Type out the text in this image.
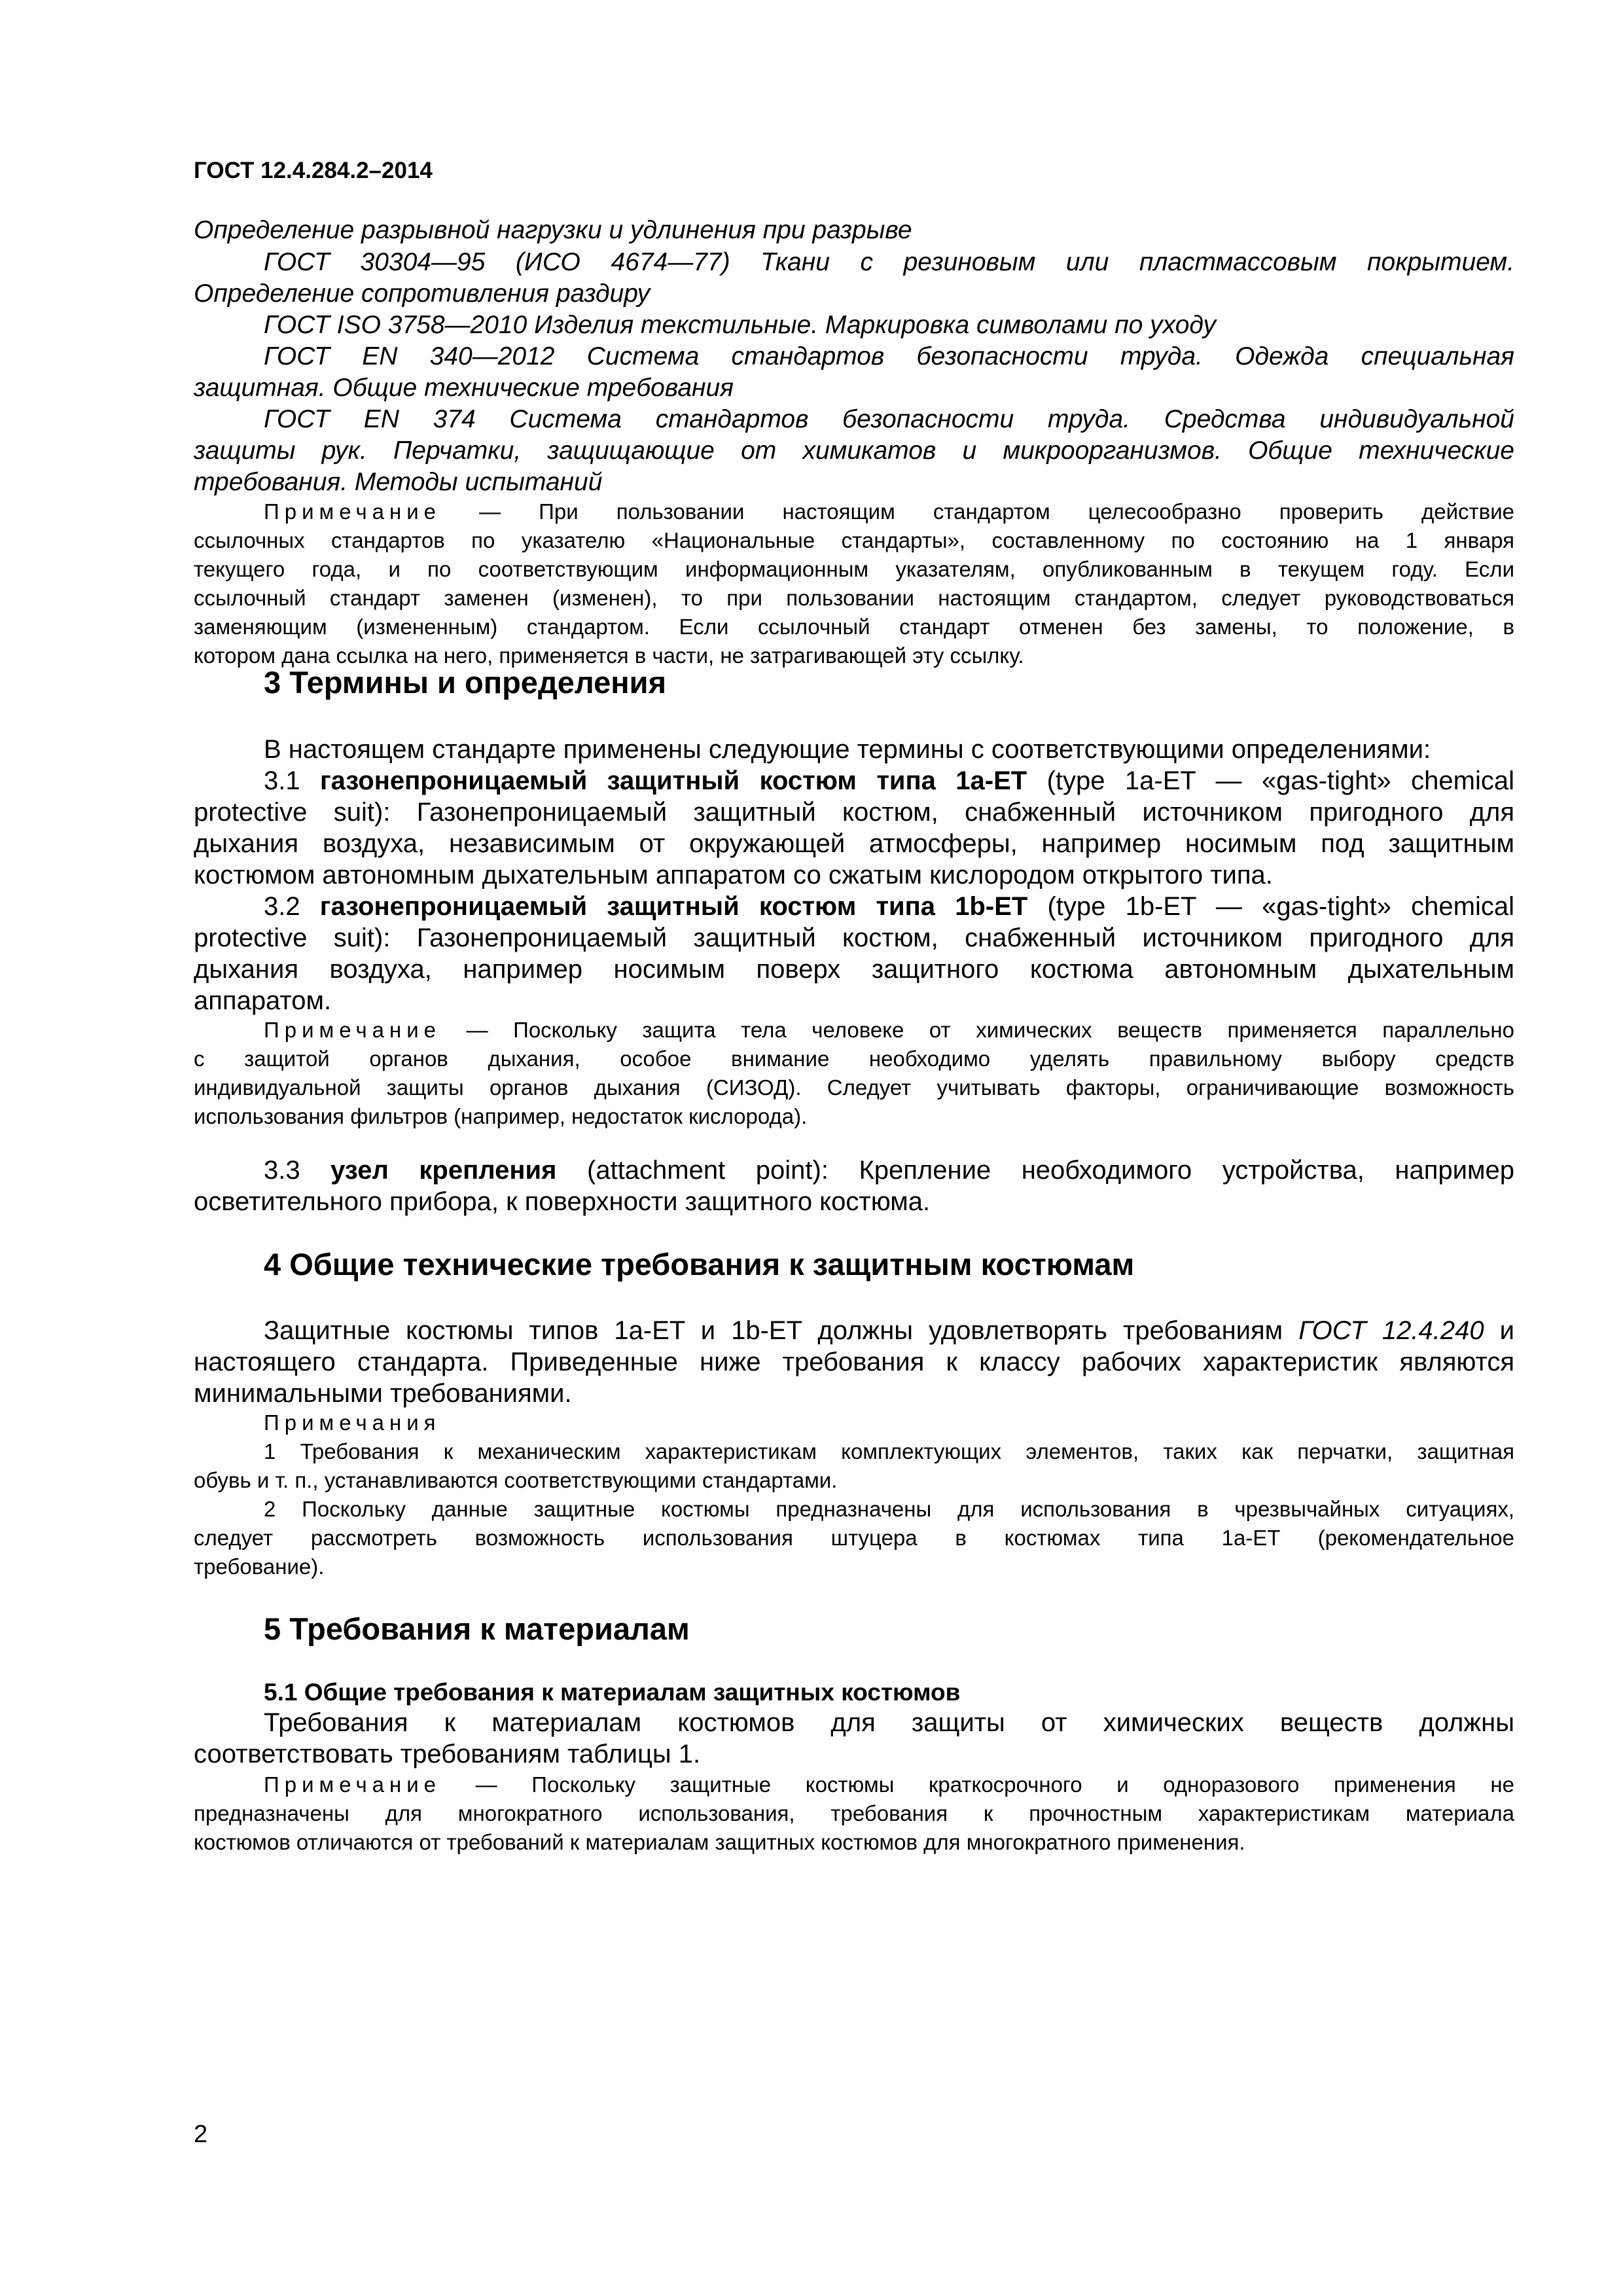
ГОСТ 12.4.284.2–2014
Определение разрывной нагрузки и удлинения при разрыве
ГОСТ 30304—95 (ИСО 4674—77) Ткани с резиновым или пластмассовым покрытием.
Определение сопротивления раздиру
ГОСТ ISO 3758—2010 Изделия текстильные. Маркировка символами по уходу
ГОСТ EN 340—2012 Система стандартов безопасности труда. Одежда специальная
защитная. Общие технические требования
ГОСТ EN 374 Система стандартов безопасности труда. Средства индивидуальной
защиты рук. Перчатки, защищающие от химикатов и микроорганизмов. Общие технические
требования. Методы испытаний
Примечание — При пользовании настоящим стандартом целесообразно проверить действие
ссылочных стандартов по указателю «Национальные стандарты», составленному по состоянию на 1 января
текущего года, и по соответствующим информационным указателям, опубликованным в текущем году. Если
ссылочный стандарт заменен (изменен), то при пользовании настоящим стандартом, следует руководствоваться
заменяющим (измененным) стандартом. Если ссылочный стандарт отменен без замены, то положение, в
котором дана ссылка на него, применяется в части, не затрагивающей эту ссылку.
3 Термины и определения
В настоящем стандарте применены следующие термины с соответствующими определениями:
3.1 газонепроницаемый защитный костюм типа 1a-ET (type 1a-ET — «gas-tight» chemical
protective suit): Газонепроницаемый защитный костюм, снабженный источником пригодного для
дыхания воздуха, независимым от окружающей атмосферы, например носимым под защитным
костюмом автономным дыхательным аппаратом со сжатым кислородом открытого типа.
3.2 газонепроницаемый защитный костюм типа 1b-ET (type 1b-ET — «gas-tight» chemical
protective suit): Газонепроницаемый защитный костюм, снабженный источником пригодного для
дыхания воздуха, например носимым поверх защитного костюма автономным дыхательным
аппаратом.
Примечание — Поскольку защита тела человеке от химических веществ применяется параллельно
с защитой органов дыхания, особое внимание необходимо уделять правильному выбору средств
индивидуальной защиты органов дыхания (СИЗОД). Следует учитывать факторы, ограничивающие возможность
использования фильтров (например, недостаток кислорода).
3.3 узел крепления (attachment point): Крепление необходимого устройства, например
осветительного прибора, к поверхности защитного костюма.
4 Общие технические требования к защитным костюмам
Защитные костюмы типов 1a-ET и 1b-ET должны удовлетворять требованиям ГОСТ 12.4.240 и
настоящего стандарта. Приведенные ниже требования к классу рабочих характеристик являются
минимальными требованиями.
Примечания
1 Требования к механическим характеристикам комплектующих элементов, таких как перчатки, защитная
обувь и т. п., устанавливаются соответствующими стандартами.
2 Поскольку данные защитные костюмы предназначены для использования в чрезвычайных ситуациях,
следует рассмотреть возможность использования штуцера в костюмах типа 1a-ET (рекомендательное
требование).
5 Требования к материалам
5.1 Общие требования к материалам защитных костюмов
Требования к материалам костюмов для защиты от химических веществ должны
соответствовать требованиям таблицы 1.
Примечание — Поскольку защитные костюмы краткосрочного и одноразового применения не
предназначены для многократного использования, требования к прочностным характеристикам материала
костюмов отличаются от требований к материалам защитных костюмов для многократного применения.
2
